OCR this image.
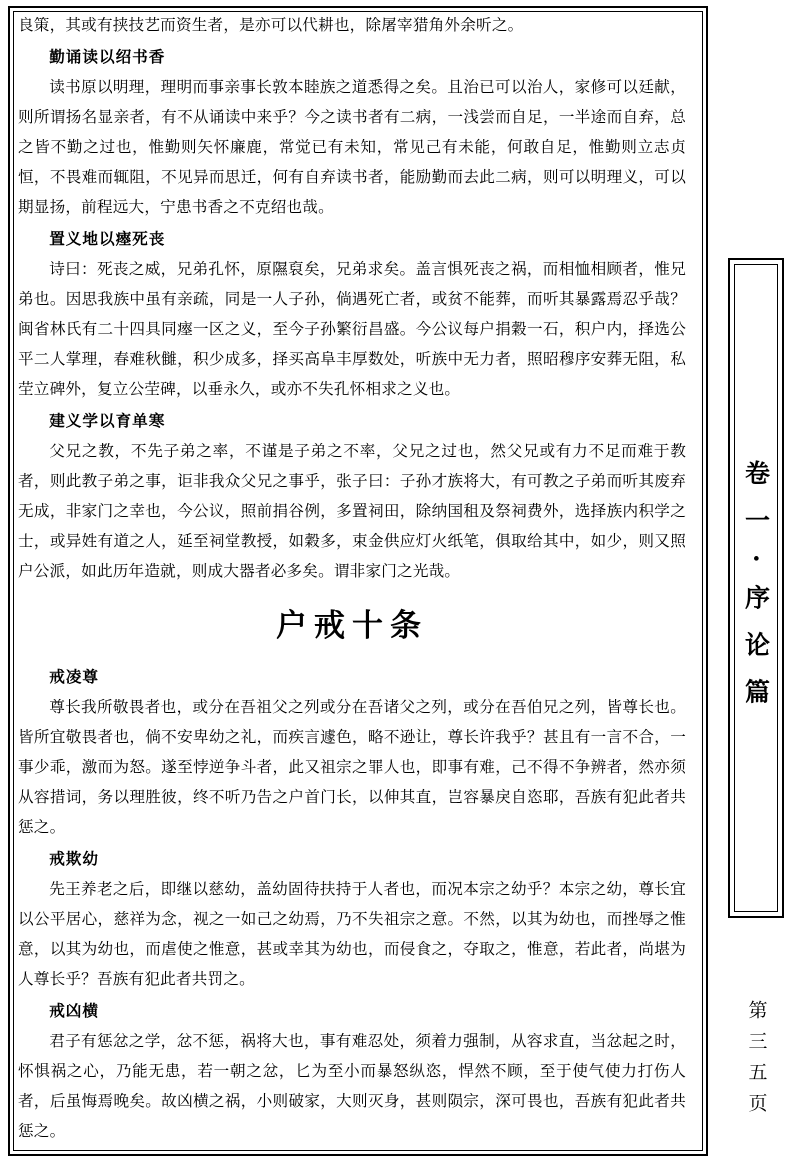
良策，其或有挟技艺而资生者，是亦可以代耕也，除屠宰猎角外余听之。

勤诵读以绍书香

读书原以明理，理明而事亲事长敦本睦族之道悉得之矣。且治已可以治人，家修可以廷献，则所谓扬名显亲者，有不从诵读中来乎？今之读书者有二病，一浅尝而自足，一半途而自弃，总之皆不勤之过也，惟勤则矢怀廉鹿，常觉已有未知，常见己有未能，何敢自足，惟勤则立志贞恒，不畏难而辄阻，不见异而思迁，何有自弃读书者，能励勤而去此二病，则可以明理义，可以期显扬，前程远大，宁患书香之不克绍也哉。

置义地以瘞死丧

诗曰：死丧之威，兄弟孔怀，原隰裒矣，兄弟求矣。盖言惧死丧之祸，而相恤相顾者，惟兄弟也。因思我族中虽有亲疏，同是一人子孙，倘遇死亡者，或贫不能葬，而听其暴露焉忍乎哉？闽省林氏有二十四具同瘞一区之义，至今子孙繁衍昌盛。今公议每户捐穀一石，积户内，择选公平二人掌理，春难秋雠，积少成多，择买高阜丰厚数处，听族中无力者，照昭穆序安葬无阻，私茔立碑外，复立公茔碑，以垂永久，或亦不失孔怀相求之义也。

建义学以育单寒

父兄之教，不先子弟之率，不谨是子弟之不率，父兄之过也，然父兄或有力不足而难于教者，则此教子弟之事，讵非我众父兄之事乎，张子曰：子孙才族将大，有可教之子弟而听其废弃无成，非家门之幸也，今公议，照前捐谷例，多置祠田，除纳国租及祭祠费外，选择族内积学之士，或异姓有道之人，延至祠堂教授，如穀多，束金供应灯火纸笔，俱取给其中，如少，则又照户公派，如此历年造就，则成大器者必多矣。谓非家门之光哉。

户戒十条
戒凌尊

尊长我所敬畏者也，或分在吾祖父之列或分在吾诸父之列，或分在吾伯兄之列，皆尊长也。皆所宜敬畏者也，倘不安卑幼之礼，而疾言遽色，略不逊让，尊长许我乎？甚且有一言不合，一事少乖，激而为怒。遂至悖逆争斗者，此又祖宗之罪人也，即事有难，己不得不争辨者，然亦须从容措词，务以理胜彼，终不听乃告之户首门长，以伸其直，岂容暴戾自恣耶，吾族有犯此者共惩之。

戒欺幼

先王养老之后，即继以慈幼，盖幼固待扶持于人者也，而况本宗之幼乎？本宗之幼，尊长宜以公平居心，慈祥为念，视之一如己之幼焉，乃不失祖宗之意。不然，以其为幼也，而挫辱之惟意，以其为幼也，而虐使之惟意，甚或幸其为幼也，而侵食之，夺取之，惟意，若此者，尚堪为人尊长乎？吾族有犯此者共罚之。

戒凶横

君子有惩忿之学，忿不惩，祸将大也，事有难忍处，须着力强制，从容求直，当忿起之时，怀惧祸之心，乃能无患，若一朝之忿，匕为至小而暴怒纵恣，悍然不顾，至于使气使力打伤人者，后虽悔焉晚矣。故凶横之祸，小则破家，大则灭身，甚则陨宗，深可畏也，吾族有犯此者共惩之。

卷一·序论篇
第三五页
